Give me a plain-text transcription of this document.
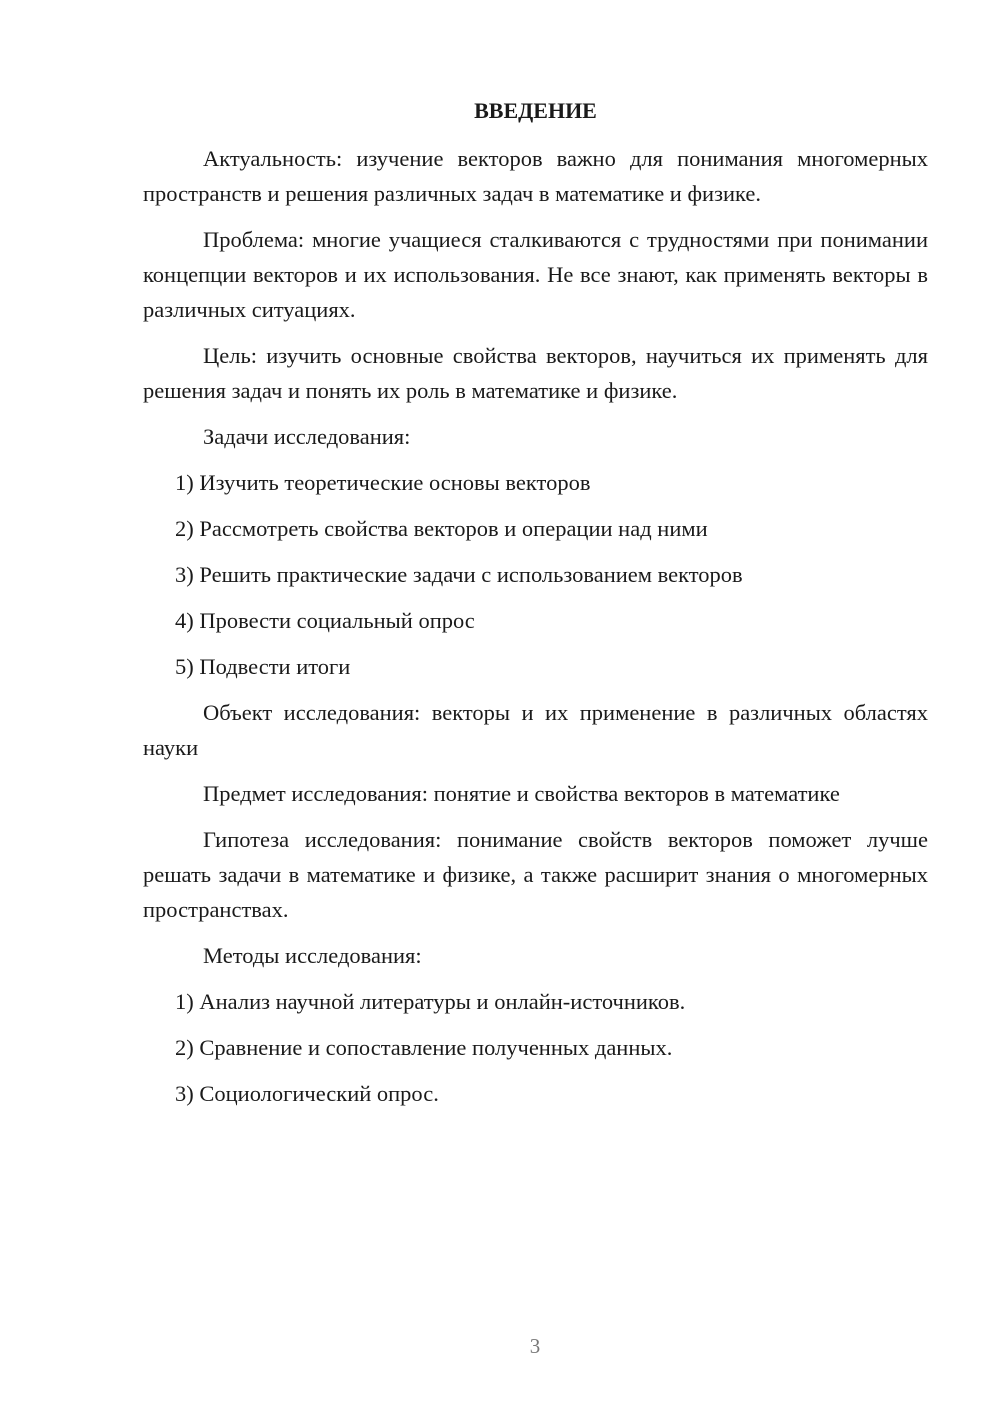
ВВЕДЕНИЕ

Актуальность: изучение векторов важно для понимания многомерных пространств и решения различных задач в математике и физике.

Проблема: многие учащиеся сталкиваются с трудностями при понимании концепции векторов и их использования. Не все знают, как применять векторы в различных ситуациях.

Цель: изучить основные свойства векторов, научиться их применять для решения задач и понять их роль в математике и физике.

Задачи исследования:
1) Изучить теоретические основы векторов
2) Рассмотреть свойства векторов и операции над ними
3) Решить практические задачи с использованием векторов
4) Провести социальный опрос
5) Подвести итоги

Объект исследования: векторы и их применение в различных областях науки

Предмет исследования: понятие и свойства векторов в математике

Гипотеза исследования: понимание свойств векторов поможет лучше решать задачи в математике и физике, а также расширит знания о многомерных пространствах.

Методы исследования:
1) Анализ научной литературы и онлайн-источников.
2) Сравнение и сопоставление полученных данных.
3) Социологический опрос.
3
